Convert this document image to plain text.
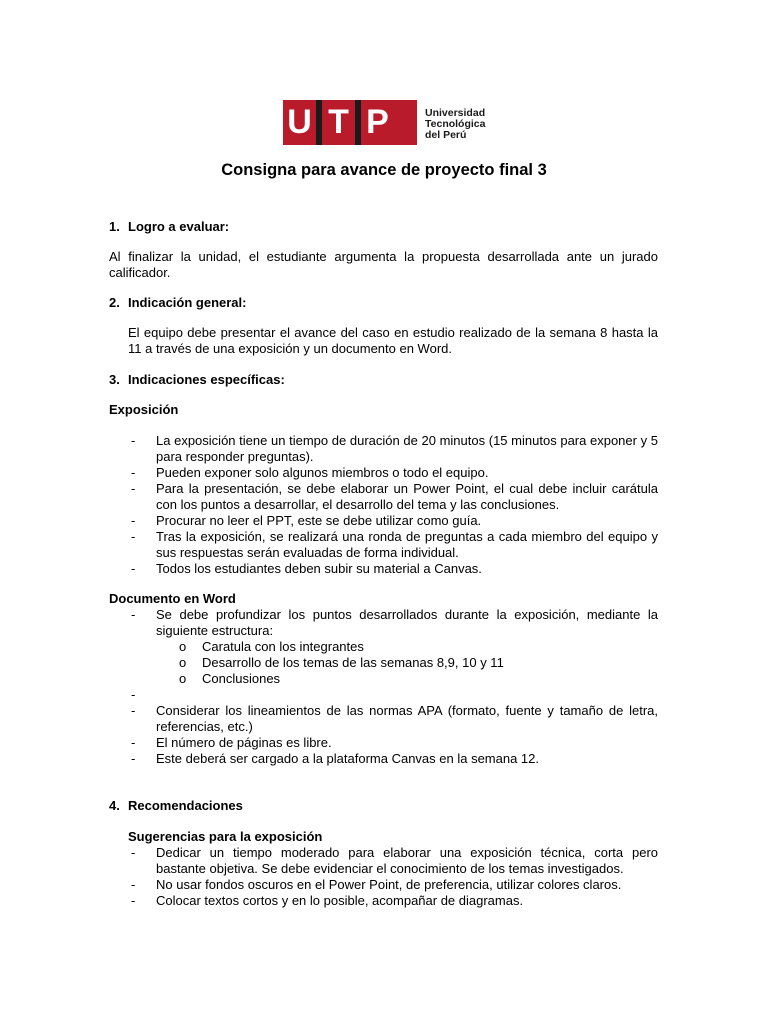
U T P	Universidad
Tecnológica
del Perú
Consigna para avance de proyecto final 3
1. Logro a evaluar:
Al finalizar la unidad, el estudiante argumenta la propuesta desarrollada ante un jurado calificador.
2. Indicación general:
El equipo debe presentar el avance del caso en estudio realizado de la semana 8 hasta la 11 a través de una exposición y un documento en Word.
3. Indicaciones específicas:
Exposición
- La exposición tiene un tiempo de duración de 20 minutos (15 minutos para exponer y 5 para responder preguntas).
- Pueden exponer solo algunos miembros o todo el equipo.
- Para la presentación, se debe elaborar un Power Point, el cual debe incluir carátula con los puntos a desarrollar, el desarrollo del tema y las conclusiones.
- Procurar no leer el PPT, este se debe utilizar como guía.
- Tras la exposición, se realizará una ronda de preguntas a cada miembro del equipo y sus respuestas serán evaluadas de forma individual.
- Todos los estudiantes deben subir su material a Canvas.
Documento en Word
- Se debe profundizar los puntos desarrollados durante la exposición, mediante la siguiente estructura:
o Caratula con los integrantes
o Desarrollo de los temas de las semanas 8,9, 10 y 11
o Conclusiones
-
- Considerar los lineamientos de las normas APA (formato, fuente y tamaño de letra, referencias, etc.)
- El número de páginas es libre.
- Este deberá ser cargado a la plataforma Canvas en la semana 12.
4. Recomendaciones
Sugerencias para la exposición
- Dedicar un tiempo moderado para elaborar una exposición técnica, corta pero bastante objetiva. Se debe evidenciar el conocimiento de los temas investigados.
- No usar fondos oscuros en el Power Point, de preferencia, utilizar colores claros.
- Colocar textos cortos y en lo posible, acompañar de diagramas.
